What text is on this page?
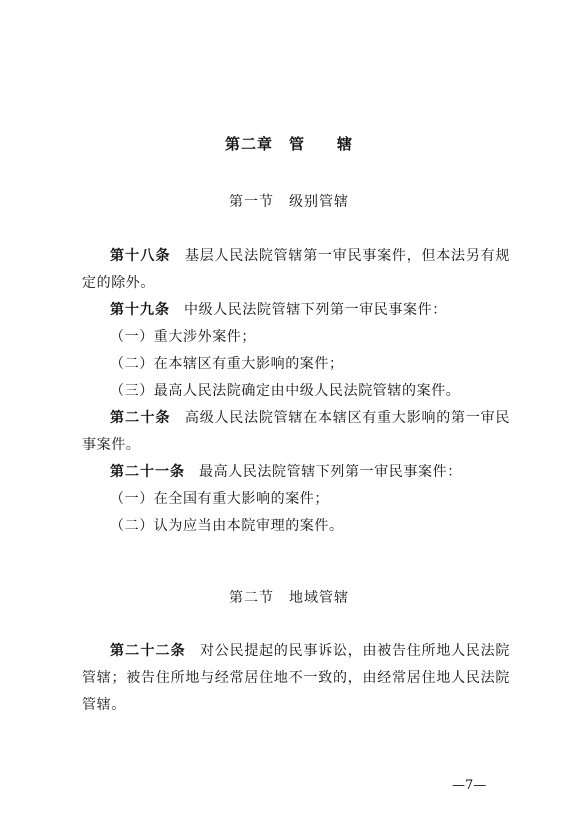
第二章　管　　辖
第一节　级别管辖

第十八条 基层人民法院管辖第一审民事案件，但本法另有规定的除外。

第十九条 中级人民法院管辖下列第一审民事案件：

（一）重大涉外案件；

（二）在本辖区有重大影响的案件；

（三）最高人民法院确定由中级人民法院管辖的案件。

第二十条 高级人民法院管辖在本辖区有重大影响的第一审民事案件。

第二十一条 最高人民法院管辖下列第一审民事案件：

（一）在全国有重大影响的案件；

（二）认为应当由本院审理的案件。

第二节　地域管辖

第二十二条 对公民提起的民事诉讼，由被告住所地人民法院管辖；被告住所地与经常居住地不一致的，由经常居住地人民法院管辖。

—7—
